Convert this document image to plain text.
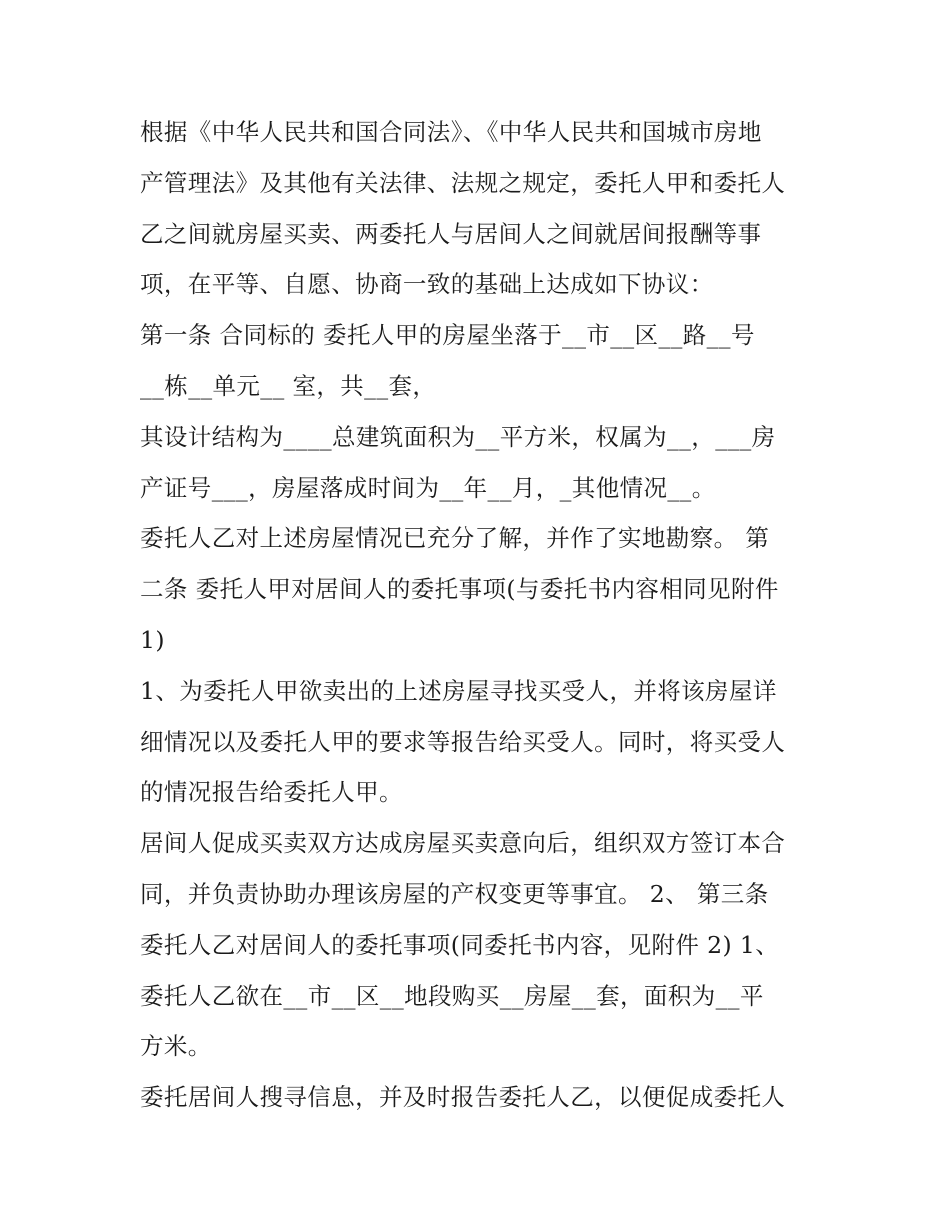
根据《中华人民共和国合同法》、《中华人民共和国城市房地
产管理法》及其他有关法律、法规之规定，委托人甲和委托人
乙之间就房屋买卖、两委托人与居间人之间就居间报酬等事
项，在平等、自愿、协商一致的基础上达成如下协议：
第一条 合同标的 委托人甲的房屋坐落于__市__区__路__号
__栋__单元__ 室，共__套，
其设计结构为____总建筑面积为__平方米，权属为__，___房
产证号___，房屋落成时间为__年__月，_其他情况__。
委托人乙对上述房屋情况已充分了解，并作了实地勘察。 第
二条 委托人甲对居间人的委托事项(与委托书内容相同见附件
1)
1、为委托人甲欲卖出的上述房屋寻找买受人，并将该房屋详
细情况以及委托人甲的要求等报告给买受人。同时，将买受人
的情况报告给委托人甲。
居间人促成买卖双方达成房屋买卖意向后，组织双方签订本合
同，并负责协助办理该房屋的产权变更等事宜。 2、 第三条
委托人乙对居间人的委托事项(同委托书内容，见附件 2) 1、
委托人乙欲在__市__区__地段购买__房屋__套，面积为__平
方米。
委托居间人搜寻信息，并及时报告委托人乙，以便促成委托人
